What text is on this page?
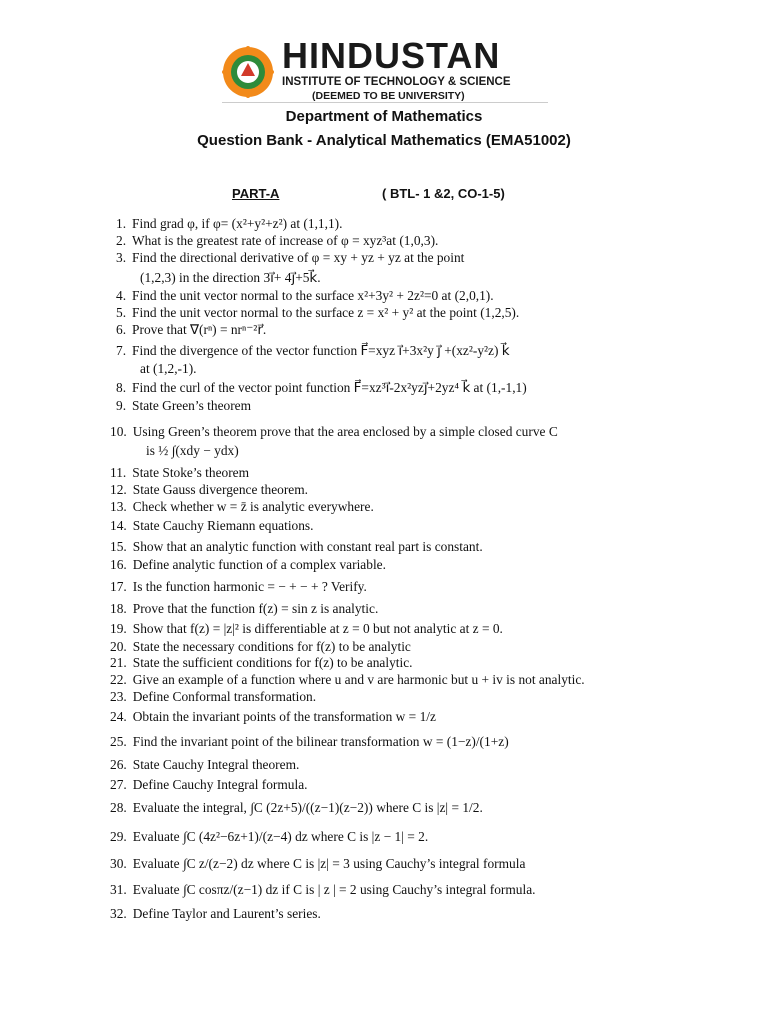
HINDUSTAN
INSTITUTE OF TECHNOLOGY & SCIENCE
(DEEMED TO BE UNIVERSITY)
Department of Mathematics
Question Bank - Analytical Mathematics (EMA51002)
PART-A	( BTL- 1 &2, CO-1-5)
1. Find grad φ, if φ= (x²+y²+z²) at (1,1,1).
2. What is the greatest rate of increase of φ = xyz³at (1,0,3).
3. Find the directional derivative of φ = xy + yz + yz at the point
(1,2,3) in the direction 3i⃗+ 4j⃗+5k⃗.
4. Find the unit vector normal to the surface x²+3y² + 2z²=0 at (2,0,1).
5. Find the unit vector normal to the surface z = x² + y² at the point (1,2,5).
6. Prove that ∇(rⁿ) = nrⁿ⁻²r⃗.
7. Find the divergence of the vector function F⃗=xyz i⃗+3x²y j⃗ +(xz²-y²z) k⃗
at (1,2,-1).
8. Find the curl of the vector point function F⃗=xz³i⃗-2x²yzj⃗+2yz⁴ k⃗ at (1,-1,1)
9. State Green’s theorem
10. Using Green’s theorem prove that the area enclosed by a simple closed curve C
is ½ ∫(xdy − ydx)
11. State Stoke’s theorem
12. State Gauss divergence theorem.
13. Check whether w = z̄ is analytic everywhere.
14. State Cauchy Riemann equations.
15. Show that an analytic function with constant real part is constant.
16. Define analytic function of a complex variable.
17. Is the function harmonic = − + − + ? Verify.
18. Prove that the function f(z) = sin z is analytic.
19. Show that f(z) = |z|² is differentiable at z = 0 but not analytic at z = 0.
20. State the necessary conditions for f(z) to be analytic
21. State the sufficient conditions for f(z) to be analytic.
22. Give an example of a function where u and v are harmonic but u + iv is not analytic.
23. Define Conformal transformation.
24. Obtain the invariant points of the transformation w = 1/z
25. Find the invariant point of the bilinear transformation w = (1−z)/(1+z)
26. State Cauchy Integral theorem.
27. Define Cauchy Integral formula.
28. Evaluate the integral, ∫C (2z+5)/((z−1)(z−2)) where C is |z| = 1/2.
29. Evaluate ∫C (4z²−6z+1)/(z−4) dz where C is |z − 1| = 2.
30. Evaluate ∫C z/(z−2) dz where C is |z| = 3 using Cauchy’s integral formula
31. Evaluate ∫C cosπz/(z−1) dz if C is | z | = 2 using Cauchy’s integral formula.
32. Define Taylor and Laurent’s series.
